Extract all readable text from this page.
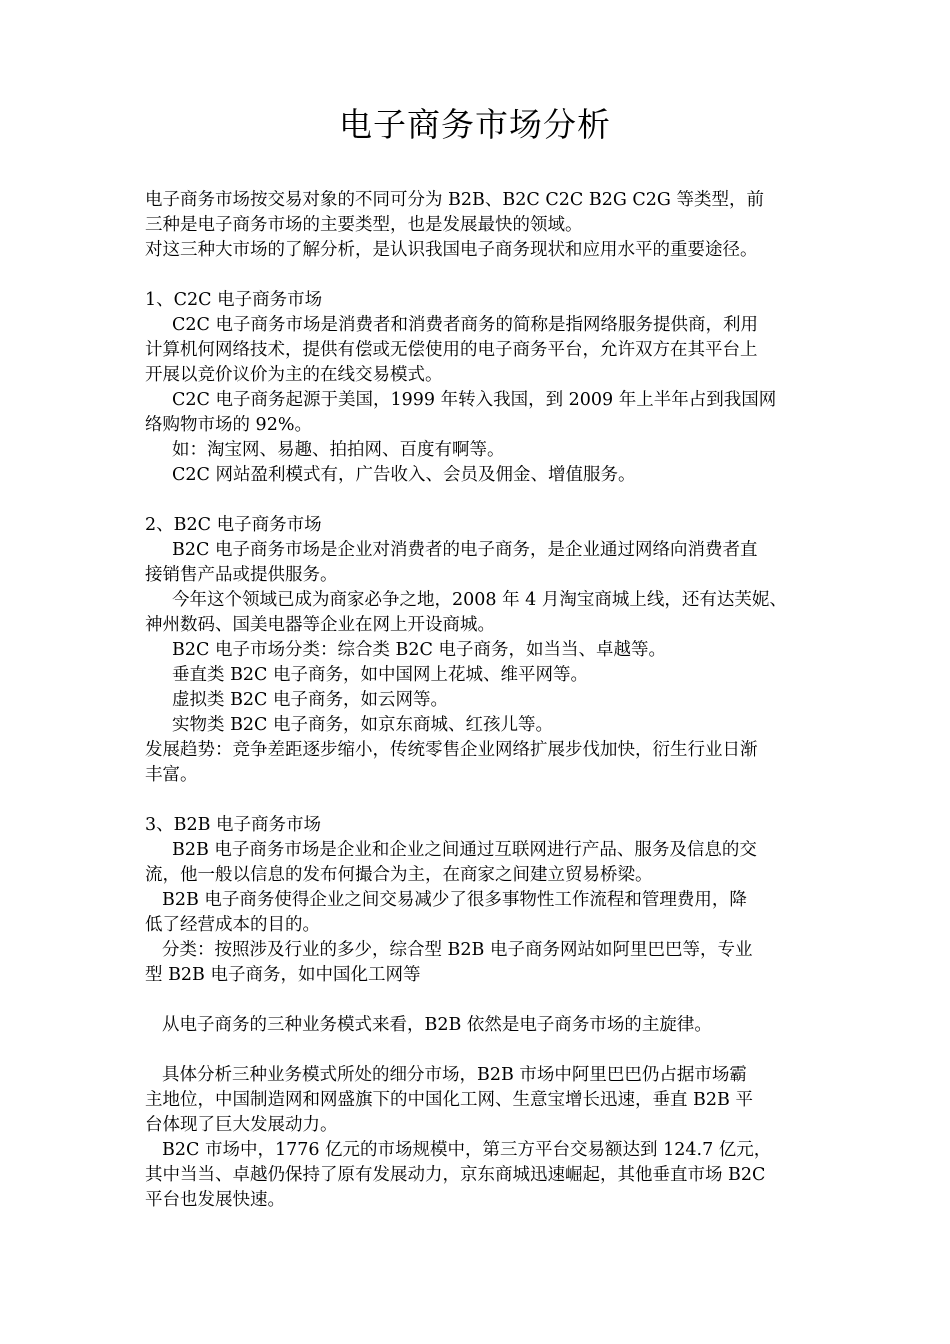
电子商务市场分析
电子商务市场按交易对象的不同可分为 B2B、B2C C2C B2G C2G 等类型，前
三种是电子商务市场的主要类型，也是发展最快的领域。
对这三种大市场的了解分析，是认识我国电子商务现状和应用水平的重要途径。
1、C2C 电子商务市场
C2C 电子商务市场是消费者和消费者商务的简称是指网络服务提供商，利用
计算机何网络技术，提供有偿或无偿使用的电子商务平台，允许双方在其平台上
开展以竞价议价为主的在线交易模式。
C2C 电子商务起源于美国，1999 年转入我国，到 2009 年上半年占到我国网
络购物市场的 92%。
如：淘宝网、易趣、拍拍网、百度有啊等。
C2C 网站盈利模式有，广告收入、会员及佣金、增值服务。
2、B2C 电子商务市场
B2C 电子商务市场是企业对消费者的电子商务，是企业通过网络向消费者直
接销售产品或提供服务。
今年这个领域已成为商家必争之地，2008 年 4 月淘宝商城上线，还有达芙妮、
神州数码、国美电器等企业在网上开设商城。
B2C 电子市场分类：综合类 B2C 电子商务，如当当、卓越等。
垂直类 B2C 电子商务，如中国网上花城、维平网等。
虚拟类 B2C 电子商务，如云网等。
实物类 B2C 电子商务，如京东商城、红孩儿等。
发展趋势：竞争差距逐步缩小，传统零售企业网络扩展步伐加快，衍生行业日渐
丰富。
3、B2B 电子商务市场
B2B 电子商务市场是企业和企业之间通过互联网进行产品、服务及信息的交
流，他一般以信息的发布何撮合为主，在商家之间建立贸易桥梁。
B2B 电子商务使得企业之间交易减少了很多事物性工作流程和管理费用，降
低了经营成本的目的。
分类：按照涉及行业的多少，综合型 B2B 电子商务网站如阿里巴巴等，专业
型 B2B 电子商务，如中国化工网等
从电子商务的三种业务模式来看，B2B 依然是电子商务市场的主旋律。
具体分析三种业务模式所处的细分市场，B2B 市场中阿里巴巴仍占据市场霸
主地位，中国制造网和网盛旗下的中国化工网、生意宝增长迅速，垂直 B2B 平
台体现了巨大发展动力。
B2C 市场中，1776 亿元的市场规模中，第三方平台交易额达到 124.7 亿元，
其中当当、卓越仍保持了原有发展动力，京东商城迅速崛起，其他垂直市场 B2C
平台也发展快速。
